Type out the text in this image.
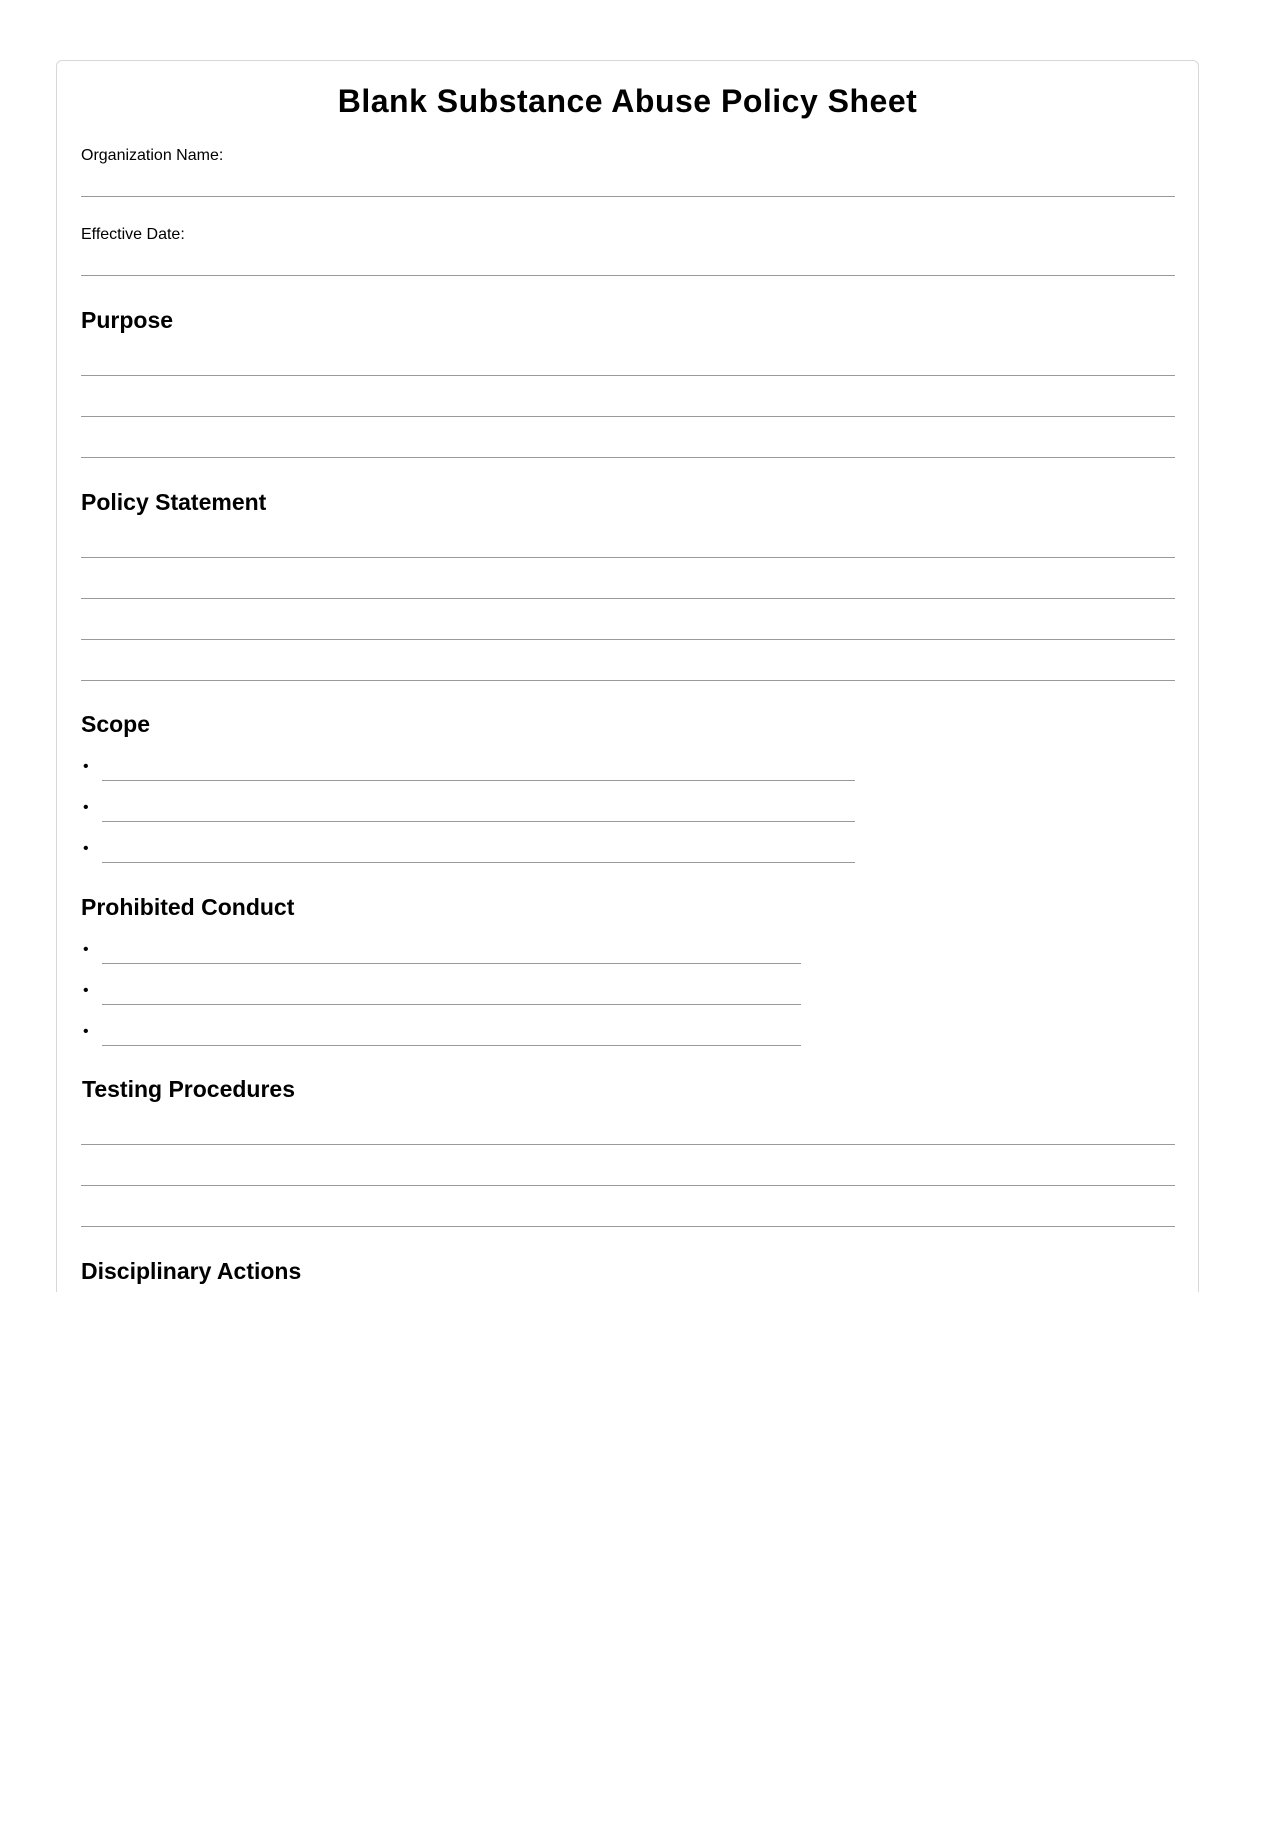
Blank Substance Abuse Policy Sheet
Organization Name:
Effective Date:
Purpose
Policy Statement
Scope
•
•
•
Prohibited Conduct
•
•
•
Testing Procedures
Disciplinary Actions
